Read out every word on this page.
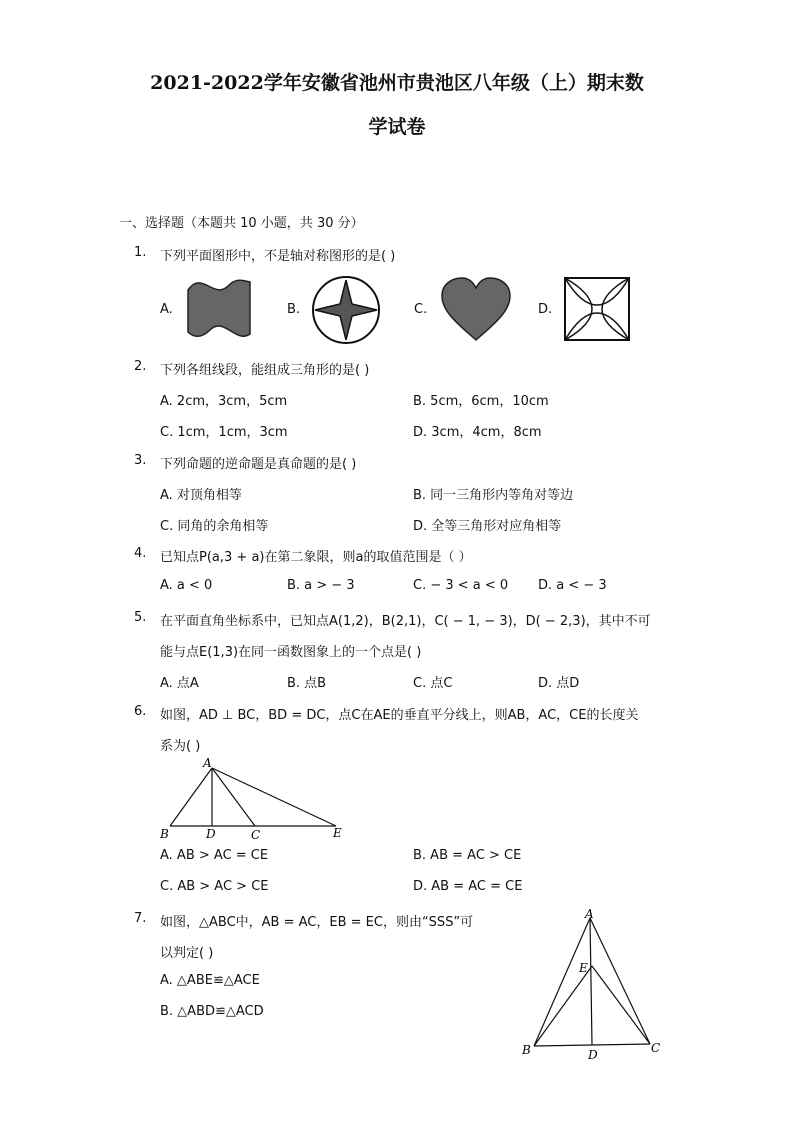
2021-2022学年安徽省池州市贵池区八年级（上）期末数
学试卷
一、选择题（本题共 10 小题，共 30 分）
1. 下列平面图形中，不是轴对称图形的是( )
A.	B.	C.	D.
2. 下列各组线段，能组成三角形的是( )
A. 2cm，3cm，5cm	B. 5cm，6cm，10cm
C. 1cm，1cm，3cm	D. 3cm，4cm，8cm
3. 下列命题的逆命题是真命题的是( )
A. 对顶角相等	B. 同一三角形内等角对等边
C. 同角的余角相等	D. 全等三角形对应角相等
4. 已知点P(a,3 + a)在第二象限，则a的取值范围是（ ）
A. a < 0	B. a > − 3	C. − 3 < a < 0 D. a < − 3
5. 在平面直角坐标系中，已知点A(1,2)，B(2,1)，C( − 1, − 3)，D( − 2,3)，其中不可
能与点E(1,3)在同一函数图象上的一个点是( )
A. 点A	B. 点B	C. 点C	D. 点D
6. 如图，AD ⊥ BC，BD = DC，点C在AE的垂直平分线上，则AB，AC，CE的长度关
系为( )
A
B	D	C	E
A. AB > AC = CE	B. AB = AC > CE
C. AB > AC > CE	D. AB = AC = CE
7. 如图，△ABC中，AB = AC，EB = EC，则由“SSS”可
以判定( )
A. △ABE≌△ACE
B. △ABD≌△ACD
A
E
B	D	C
